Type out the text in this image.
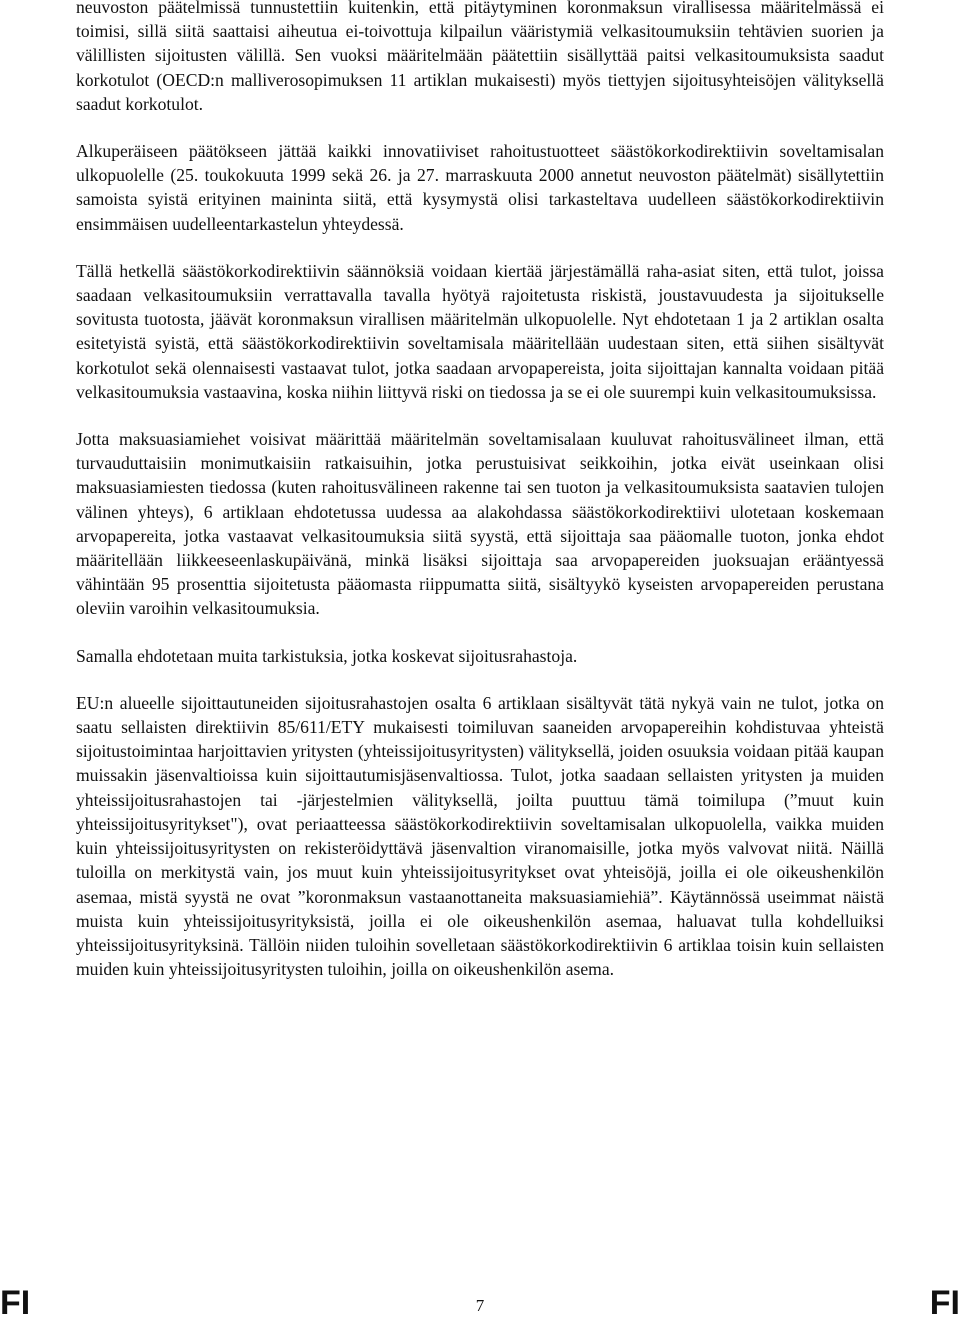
neuvoston päätelmissä tunnustettiin kuitenkin, että pitäytyminen koronmaksun virallisessa määritelmässä ei toimisi, sillä siitä saattaisi aiheutua ei-toivottuja kilpailun vääristymiä velkasitoumuksiin tehtävien suorien ja välillisten sijoitusten välillä. Sen vuoksi määritelmään päätettiin sisällyttää paitsi velkasitoumuksista saadut korkotulot (OECD:n malliverosopimuksen 11 artiklan mukaisesti) myös tiettyjen sijoitusyhteisöjen välityksellä saadut korkotulot.

Alkuperäiseen päätökseen jättää kaikki innovatiiviset rahoitustuotteet säästökorkodirektiivin soveltamisalan ulkopuolelle (25. toukokuuta 1999 sekä 26. ja 27. marraskuuta 2000 annetut neuvoston päätelmät) sisällytettiin samoista syistä erityinen maininta siitä, että kysymystä olisi tarkasteltava uudelleen säästökorkodirektiivin ensimmäisen uudelleentarkastelun yhteydessä.

Tällä hetkellä säästökorkodirektiivin säännöksiä voidaan kiertää järjestämällä raha-asiat siten, että tulot, joissa saadaan velkasitoumuksiin verrattavalla tavalla hyötyä rajoitetusta riskistä, joustavuudesta ja sijoitukselle sovitusta tuotosta, jäävät koronmaksun virallisen määritelmän ulkopuolelle. Nyt ehdotetaan 1 ja 2 artiklan osalta esitetyistä syistä, että säästökorkodirektiivin soveltamisala määritellään uudestaan siten, että siihen sisältyvät korkotulot sekä olennaisesti vastaavat tulot, jotka saadaan arvopapereista, joita sijoittajan kannalta voidaan pitää velkasitoumuksia vastaavina, koska niihin liittyvä riski on tiedossa ja se ei ole suurempi kuin velkasitoumuksissa.

Jotta maksuasiamiehet voisivat määrittää määritelmän soveltamisalaan kuuluvat rahoitusvälineet ilman, että turvauduttaisiin monimutkaisiin ratkaisuihin, jotka perustuisivat seikkoihin, jotka eivät useinkaan olisi maksuasiamiesten tiedossa (kuten rahoitusvälineen rakenne tai sen tuoton ja velkasitoumuksista saatavien tulojen välinen yhteys), 6 artiklaan ehdotetussa uudessa aa alakohdassa säästökorkodirektiivi ulotetaan koskemaan arvopapereita, jotka vastaavat velkasitoumuksia siitä syystä, että sijoittaja saa pääomalle tuoton, jonka ehdot määritellään liikkeeseenlaskupäivänä, minkä lisäksi sijoittaja saa arvopapereiden juoksuajan erääntyessä vähintään 95 prosenttia sijoitetusta pääomasta riippumatta siitä, sisältyykö kyseisten arvopapereiden perustana oleviin varoihin velkasitoumuksia.

Samalla ehdotetaan muita tarkistuksia, jotka koskevat sijoitusrahastoja.

EU:n alueelle sijoittautuneiden sijoitusrahastojen osalta 6 artiklaan sisältyvät tätä nykyä vain ne tulot, jotka on saatu sellaisten direktiivin 85/611/ETY mukaisesti toimiluvan saaneiden arvopapereihin kohdistuvaa yhteistä sijoitustoimintaa harjoittavien yritysten (yhteissijoitusyritysten) välityksellä, joiden osuuksia voidaan pitää kaupan muissakin jäsenvaltioissa kuin sijoittautumisjäsenvaltiossa. Tulot, jotka saadaan sellaisten yritysten ja muiden yhteissijoitusrahastojen tai -järjestelmien välityksellä, joilta puuttuu tämä toimilupa (”muut kuin yhteissijoitusyritykset"), ovat periaatteessa säästökorkodirektiivin soveltamisalan ulkopuolella, vaikka muiden kuin yhteissijoitusyritysten on rekisteröidyttävä jäsenvaltion viranomaisille, jotka myös valvovat niitä. Näillä tuloilla on merkitystä vain, jos muut kuin yhteissijoitusyritykset ovat yhteisöjä, joilla ei ole oikeushenkilön asemaa, mistä syystä ne ovat ”koronmaksun vastaanottaneita maksuasiamiehiä”. Käytännössä useimmat näistä muista kuin yhteissijoitusyrityksistä, joilla ei ole oikeushenkilön asemaa, haluavat tulla kohdelluiksi yhteissijoitusyrityksinä. Tällöin niiden tuloihin sovelletaan säästökorkodirektiivin 6 artiklaa toisin kuin sellaisten muiden kuin yhteissijoitusyritysten tuloihin, joilla on oikeushenkilön asema.

FI	7	FI
